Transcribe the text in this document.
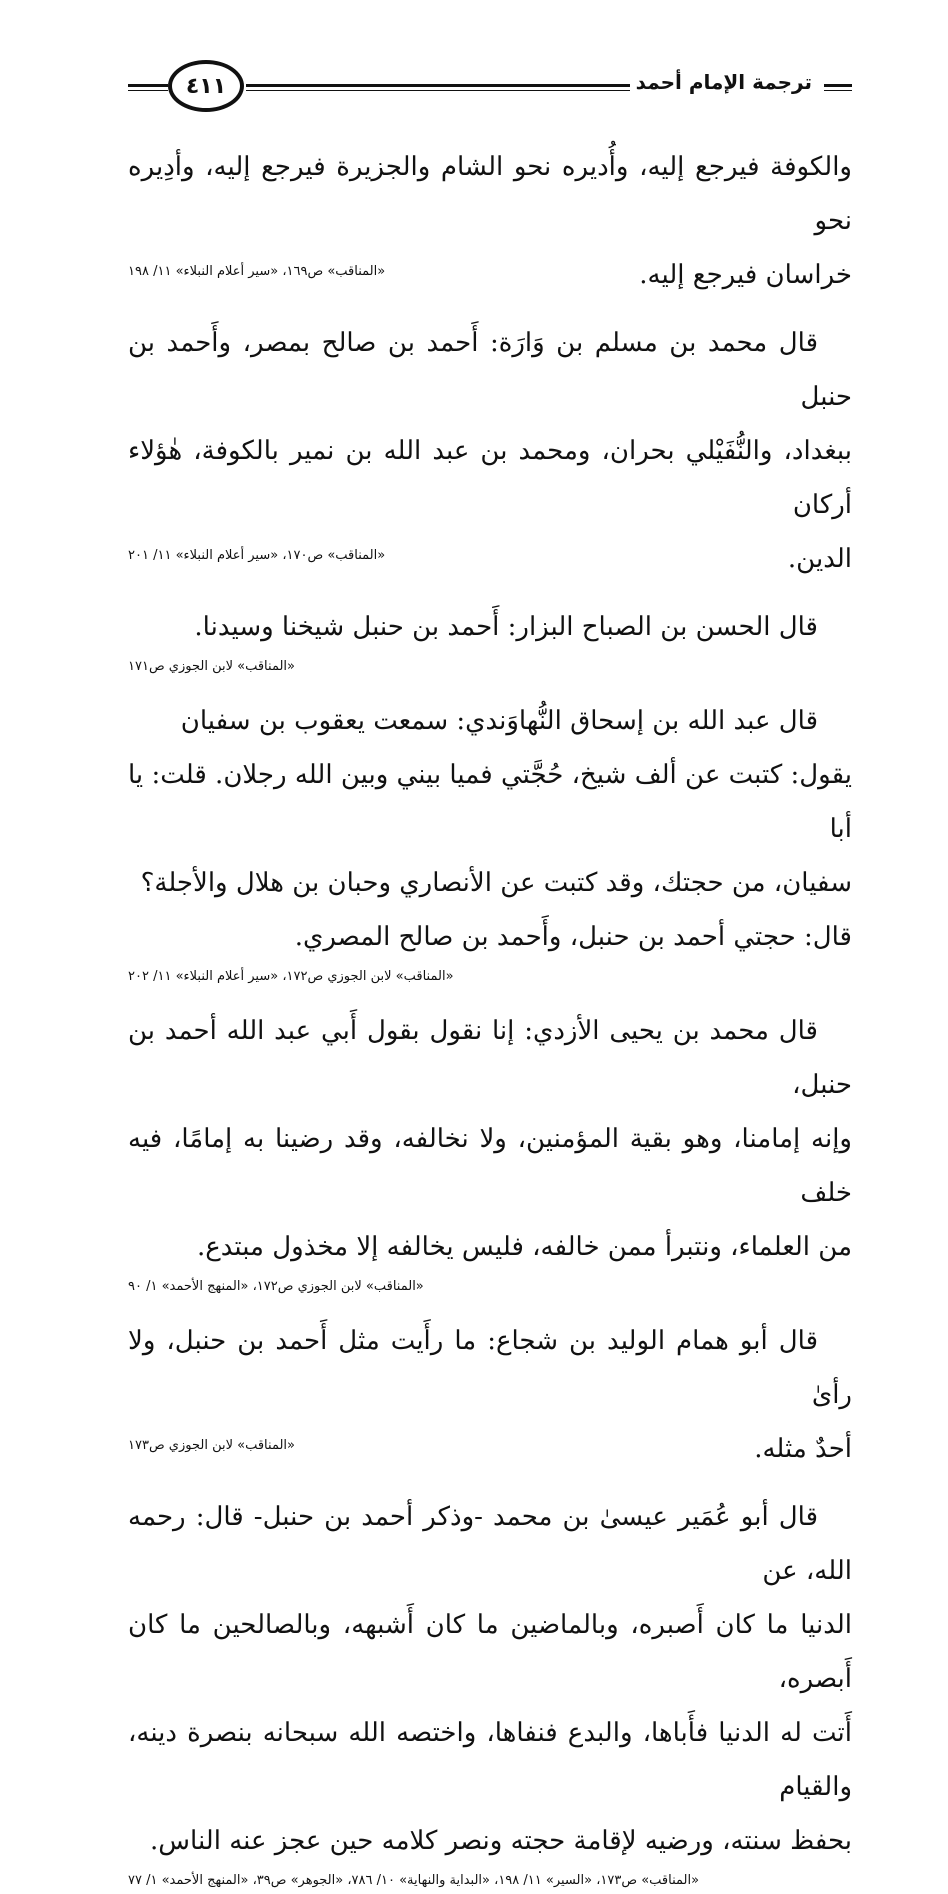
٤١١	ترجمة الإمام أحمد
والكوفة فيرجع إليه، وأُديره نحو الشام والجزيرة فيرجع إليه، وأدِيره نحو
خراسان فيرجع إليه.
«المناقب» ص١٦٩، «سير أعلام النبلاء» ١١/ ١٩٨
قال محمد بن مسلم بن وَارَة: أَحمد بن صالح بمصر، وأَحمد بن حنبل
ببغداد، والنُّفَيْلي بحران، ومحمد بن عبد الله بن نمير بالكوفة، هٰؤلاء أركان
الدين.
«المناقب» ص١٧٠، «سير أعلام النبلاء» ١١/ ٢٠١
قال الحسن بن الصباح البزار: أَحمد بن حنبل شيخنا وسيدنا.
«المناقب» لابن الجوزي ص١٧١
قال عبد الله بن إسحاق النُّهاوَندي: سمعت يعقوب بن سفيان
يقول: كتبت عن ألف شيخ، حُجَّتي فميا بيني وبين الله رجلان. قلت: يا أبا
سفيان، من حجتك، وقد كتبت عن الأنصاري وحبان بن هلال والأجلة؟
قال: حجتي أحمد بن حنبل، وأَحمد بن صالح المصري.
«المناقب» لابن الجوزي ص١٧٢، «سير أعلام النبلاء» ١١/ ٢٠٢
قال محمد بن يحيى الأزدي: إنا نقول بقول أَبي عبد الله أحمد بن حنبل،
وإنه إمامنا، وهو بقية المؤمنين، ولا نخالفه، وقد رضينا به إمامًا، فيه خلف
من العلماء، ونتبرأ ممن خالفه، فليس يخالفه إلا مخذول مبتدع.
«المناقب» لابن الجوزي ص١٧٢، «المنهج الأحمد» ١/ ٩٠
قال أبو همام الوليد بن شجاع: ما رأَيت مثل أَحمد بن حنبل، ولا رأىٰ
أحدٌ مثله.
«المناقب» لابن الجوزي ص١٧٣
قال أبو عُمَير عيسىٰ بن محمد -وذكر أحمد بن حنبل- قال: رحمه الله، عن
الدنيا ما كان أَصبره، وبالماضين ما كان أَشبهه، وبالصالحين ما كان أَبصره،
أَتت له الدنيا فأَباها، والبدع فنفاها، واختصه الله سبحانه بنصرة دينه، والقيام
بحفظ سنته، ورضيه لإقامة حجته ونصر كلامه حين عجز عنه الناس.
«المناقب» ص١٧٣، «السير» ١١/ ١٩٨، «البداية والنهاية» ١٠/ ٧٨٦، «الجوهر» ص٣٩، «المنهج الأحمد» ١/ ٧٧
